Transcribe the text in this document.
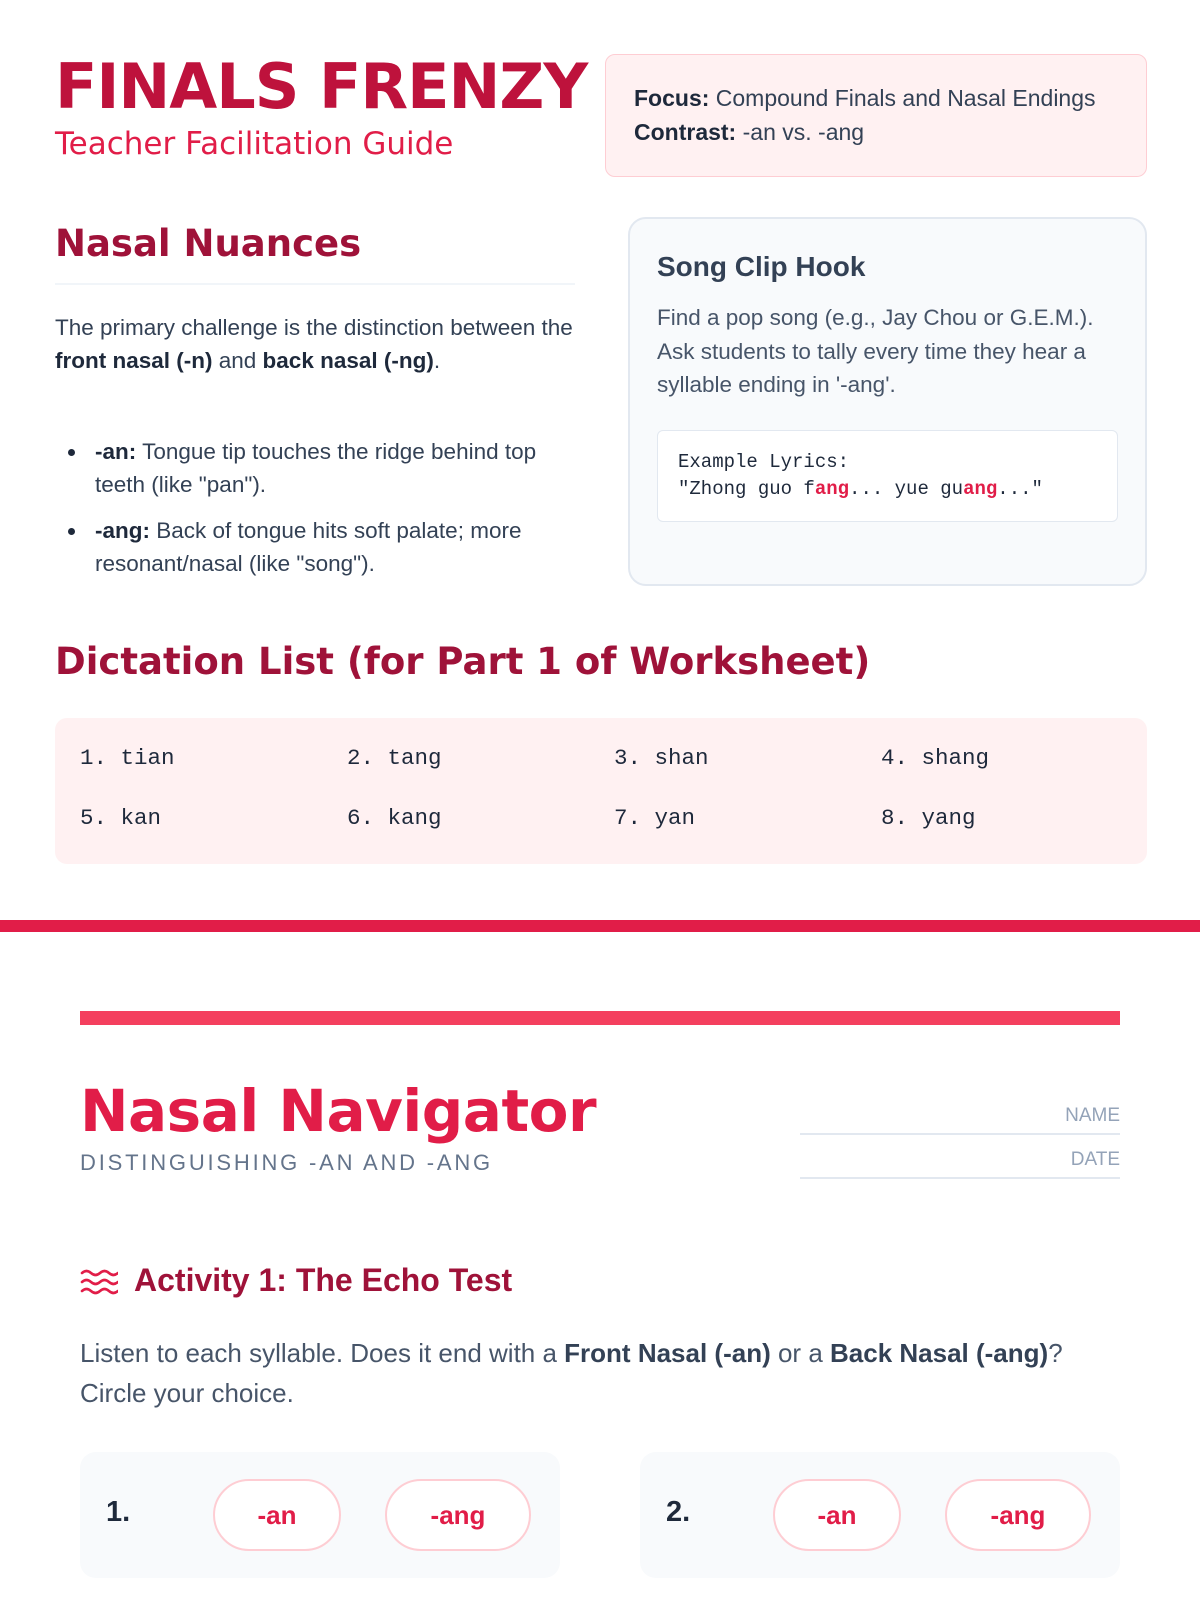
FINALS FRENZY
Teacher Facilitation Guide
Focus: Compound Finals and Nasal Endings
Contrast: -an vs. -ang
Nasal Nuances

The primary challenge is the distinction between the front nasal (-n) and back nasal (-ng).

-an: Tongue tip touches the ridge behind top teeth (like "pan").
-ang: Back of tongue hits soft palate; more resonant/nasal (like "song").
Song Clip Hook
Find a pop song (e.g., Jay Chou or G.E.M.). Ask students to tally every time they hear a syllable ending in '-ang'.
Example Lyrics:
"Zhong guo fang... yue guang..."
Dictation List (for Part 1 of Worksheet)
1. tian	2. tang	3. shan	4. shang
5. kan	6. kang	7. yan	8. yang
Nasal Navigator
DISTINGUISHING -AN AND -ANG
NAME
DATE
Activity 1: The Echo Test

Listen to each syllable. Does it end with a Front Nasal (-an) or a Back Nasal (-ang)? Circle your choice.

1.	-an	-ang	2.	-an	-ang
